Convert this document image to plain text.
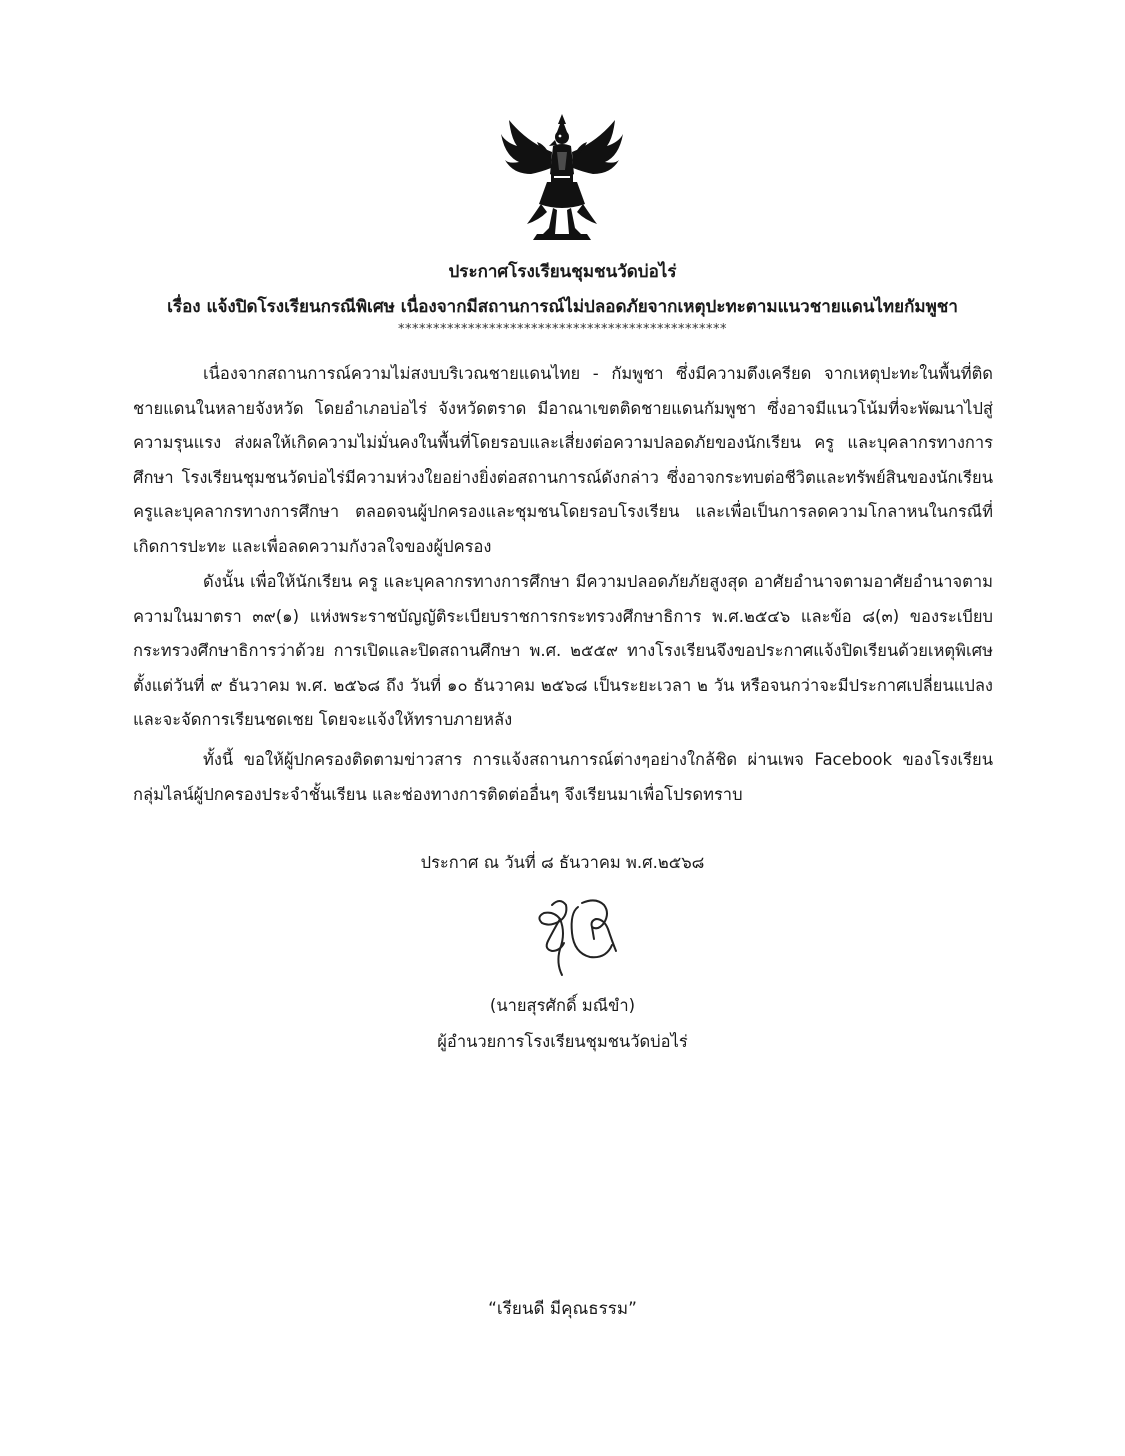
ประกาศโรงเรียนชุมชนวัดบ่อไร่
เรื่อง แจ้งปิดโรงเรียนกรณีพิเศษ เนื่องจากมีสถานการณ์ไม่ปลอดภัยจากเหตุปะทะตามแนวชายแดนไทยกัมพูชา
***********************************************
เนื่องจากสถานการณ์ความไม่สงบบริเวณชายแดนไทย - กัมพูชา ซึ่งมีความตึงเครียด จากเหตุปะทะในพื้นที่ติดชายแดนในหลายจังหวัด โดยอำเภอบ่อไร่ จังหวัดตราด มีอาณาเขตติดชายแดนกัมพูชา ซึ่งอาจมีแนวโน้มที่จะพัฒนาไปสู่ความรุนแรง ส่งผลให้เกิดความไม่มั่นคงในพื้นที่โดยรอบและเสี่ยงต่อความปลอดภัยของนักเรียน ครู และบุคลากรทางการศึกษา โรงเรียนชุมชนวัดบ่อไร่มีความห่วงใยอย่างยิ่งต่อสถานการณ์ดังกล่าว ซึ่งอาจกระทบต่อชีวิตและทรัพย์สินของนักเรียน ครูและบุคลากรทางการศึกษา ตลอดจนผู้ปกครองและชุมชนโดยรอบโรงเรียน และเพื่อเป็นการลดความโกลาหนในกรณีที่เกิดการปะทะ และเพื่อลดความกังวลใจของผู้ปครอง
ดังนั้น เพื่อให้นักเรียน ครู และบุคลากรทางการศึกษา มีความปลอดภัยภัยสูงสุด อาศัยอำนาจตามอาศัยอำนาจตามความในมาตรา ๓๙(๑) แห่งพระราชบัญญัติระเบียบราชการกระทรวงศึกษาธิการ พ.ศ.๒๕๔๖ และข้อ ๘(๓) ของระเบียบกระทรวงศึกษาธิการว่าด้วย การเปิดและปิดสถานศึกษา พ.ศ. ๒๕๕๙ ทางโรงเรียนจึงขอประกาศแจ้งปิดเรียนด้วยเหตุพิเศษ ตั้งแต่วันที่ ๙ ธันวาคม พ.ศ. ๒๕๖๘ ถึง วันที่ ๑๐ ธันวาคม ๒๕๖๘ เป็นระยะเวลา ๒ วัน หรือจนกว่าจะมีประกาศเปลี่ยนแปลง และจะจัดการเรียนชดเชย โดยจะแจ้งให้ทราบภายหลัง
ทั้งนี้ ขอให้ผู้ปกครองติดตามข่าวสาร การแจ้งสถานการณ์ต่างๆอย่างใกล้ชิด ผ่านเพจ Facebook ของโรงเรียน กลุ่มไลน์ผู้ปกครองประจำชั้นเรียน และช่องทางการติดต่ออื่นๆ จึงเรียนมาเพื่อโปรดทราบ
ประกาศ ณ วันที่ ๘ ธันวาคม พ.ศ.๒๕๖๘
(นายสุรศักดิ์ มณีขำ)
ผู้อำนวยการโรงเรียนชุมชนวัดบ่อไร่
“เรียนดี มีคุณธรรม”
